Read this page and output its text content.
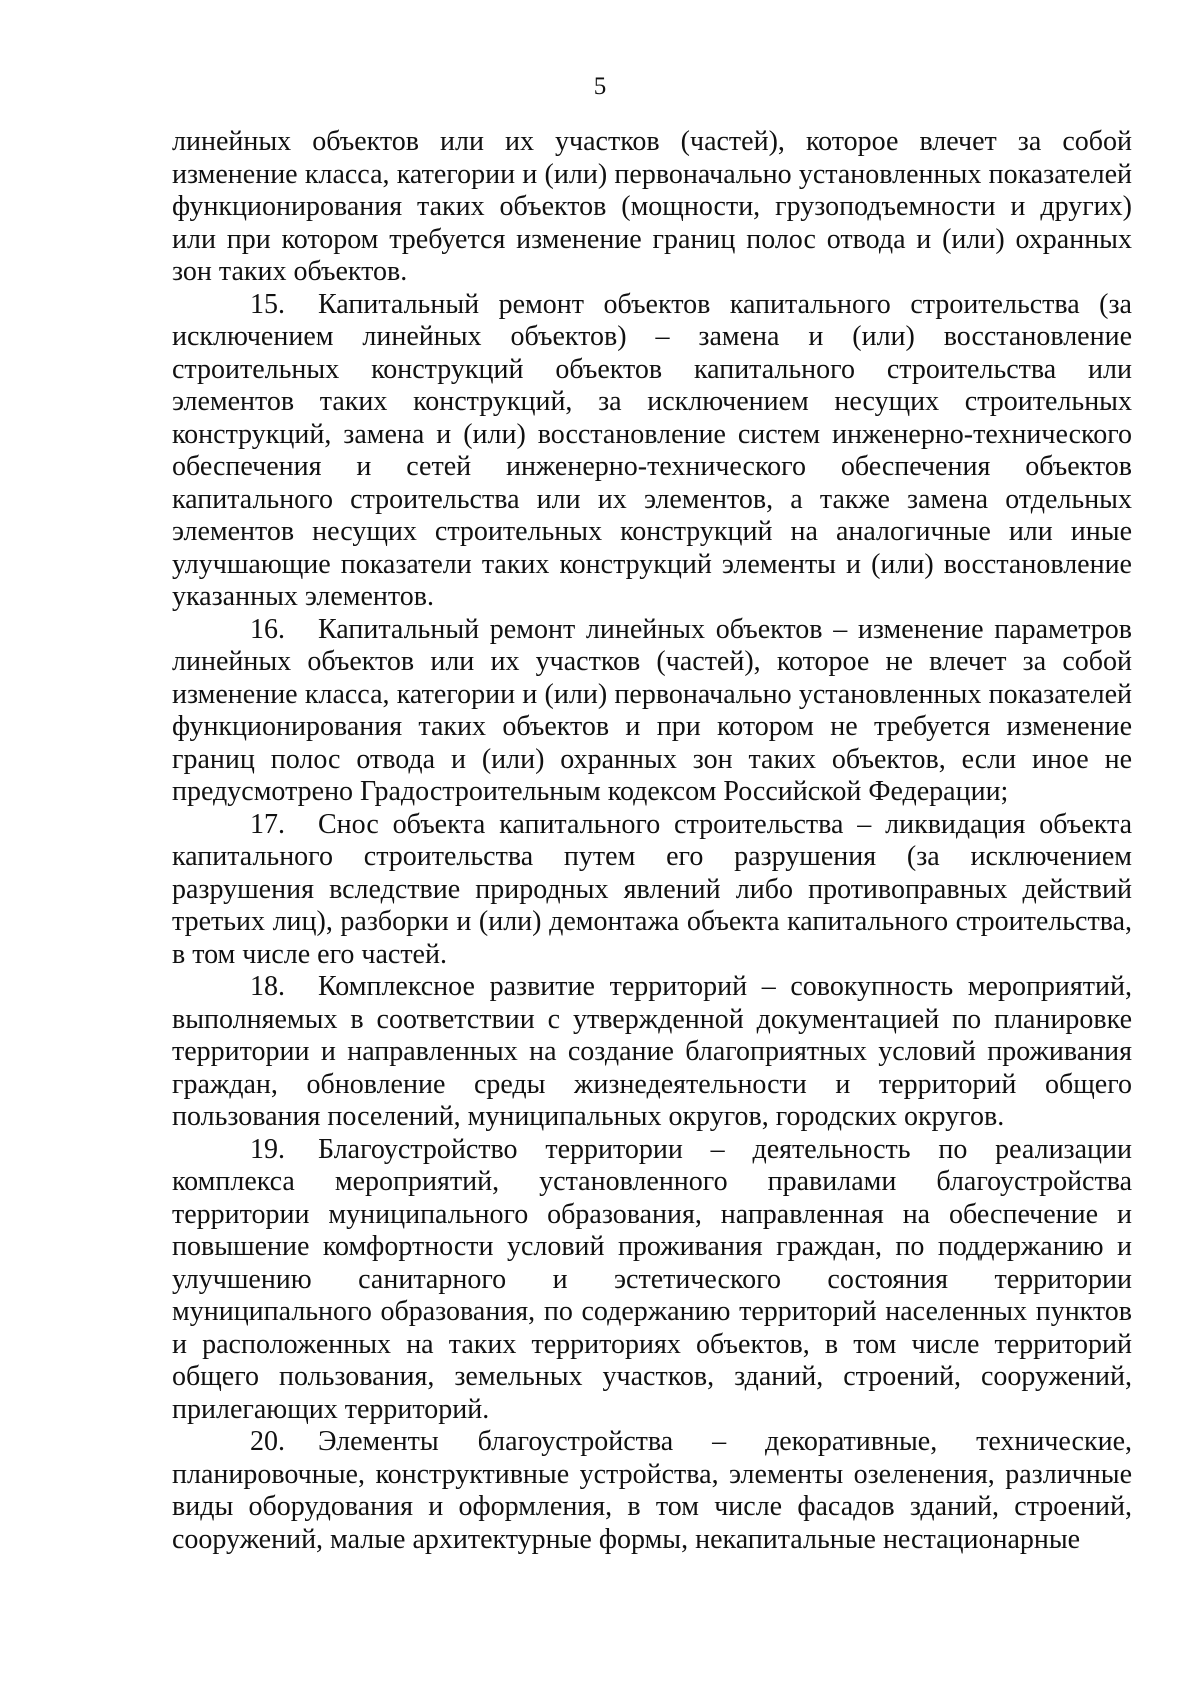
5

линейных объектов или их участков (частей), которое влечет за собой изменение класса, категории и (или) первоначально установленных показателей функционирования таких объектов (мощности, грузоподъемности и других) или при котором требуется изменение границ полос отвода и (или) охранных зон таких объектов.

15. Капитальный ремонт объектов капитального строительства (за исключением линейных объектов) – замена и (или) восстановление строительных конструкций объектов капитального строительства или элементов таких конструкций, за исключением несущих строительных конструкций, замена и (или) восстановление систем инженерно-технического обеспечения и сетей инженерно-технического обеспечения объектов капитального строительства или их элементов, а также замена отдельных элементов несущих строительных конструкций на аналогичные или иные улучшающие показатели таких конструкций элементы и (или) восстановление указанных элементов.

16. Капитальный ремонт линейных объектов – изменение параметров линейных объектов или их участков (частей), которое не влечет за собой изменение класса, категории и (или) первоначально установленных показателей функционирования таких объектов и при котором не требуется изменение границ полос отвода и (или) охранных зон таких объектов, если иное не предусмотрено Градостроительным кодексом Российской Федерации;

17. Снос объекта капитального строительства – ликвидация объекта капитального строительства путем его разрушения (за исключением разрушения вследствие природных явлений либо противоправных действий третьих лиц), разборки и (или) демонтажа объекта капитального строительства, в том числе его частей.

18. Комплексное развитие территорий – совокупность мероприятий, выполняемых в соответствии с утвержденной документацией по планировке территории и направленных на создание благоприятных условий проживания граждан, обновление среды жизнедеятельности и территорий общего пользования поселений, муниципальных округов, городских округов.

19. Благоустройство территории – деятельность по реализации комплекса мероприятий, установленного правилами благоустройства территории муниципального образования, направленная на обеспечение и повышение комфортности условий проживания граждан, по поддержанию и улучшению санитарного и эстетического состояния территории муниципального образования, по содержанию территорий населенных пунктов и расположенных на таких территориях объектов, в том числе территорий общего пользования, земельных участков, зданий, строений, сооружений, прилегающих территорий.

20. Элементы благоустройства – декоративные, технические, планировочные, конструктивные устройства, элементы озеленения, различные виды оборудования и оформления, в том числе фасадов зданий, строений, сооружений, малые архитектурные формы, некапитальные нестационарные
